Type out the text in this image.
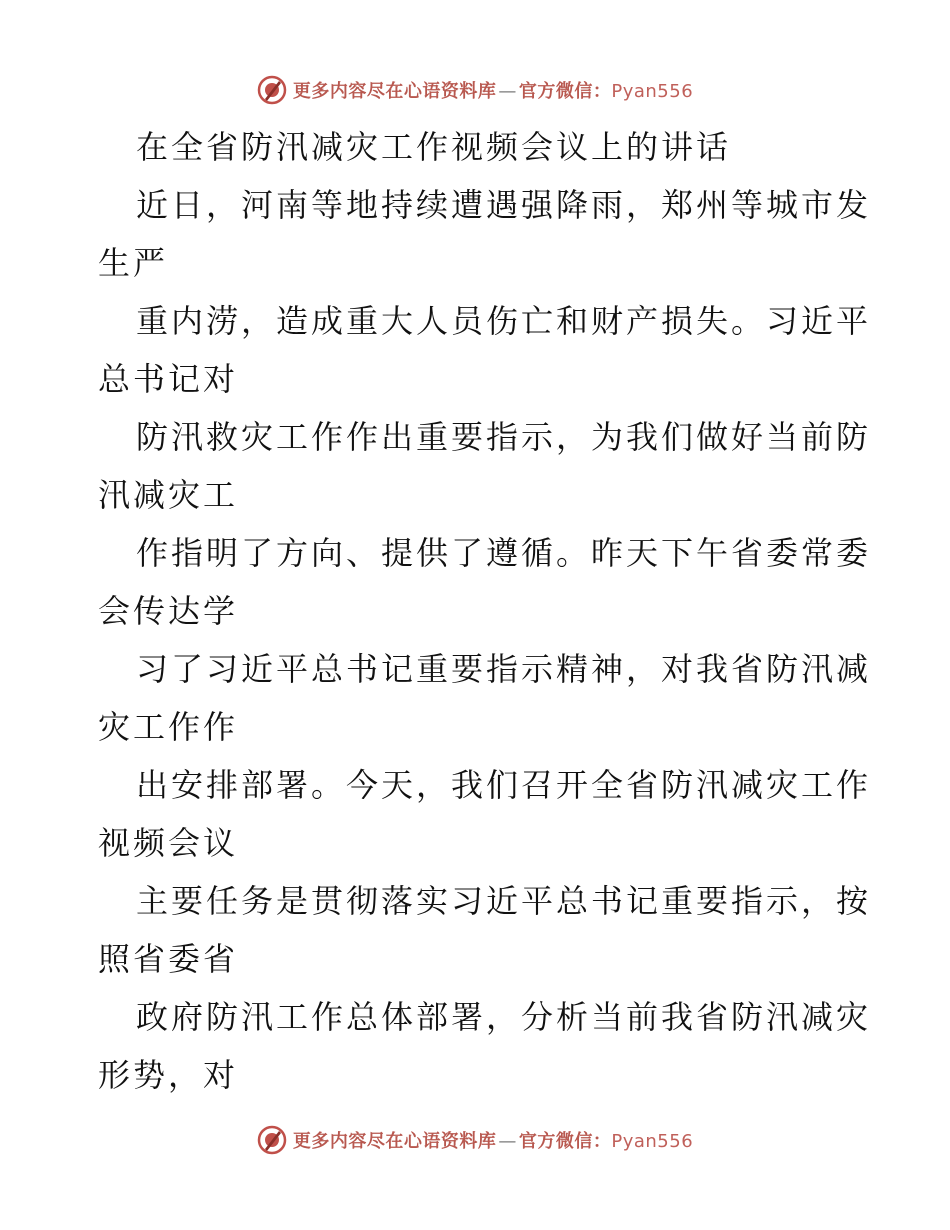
更多内容尽在心语资料库 — 官方微信：Pyan556
在全省防汛减灾工作视频会议上的讲话
近日，河南等地持续遭遇强降雨，郑州等城市发
生严
重内涝，造成重大人员伤亡和财产损失。习近平
总书记对
防汛救灾工作作出重要指示，为我们做好当前防
汛减灾工
作指明了方向、提供了遵循。昨天下午省委常委
会传达学
习了习近平总书记重要指示精神，对我省防汛减
灾工作作
出安排部署。今天，我们召开全省防汛减灾工作
视频会议
主要任务是贯彻落实习近平总书记重要指示，按
照省委省
政府防汛工作总体部署，分析当前我省防汛减灾
形势，对
更多内容尽在心语资料库 — 官方微信：Pyan556
